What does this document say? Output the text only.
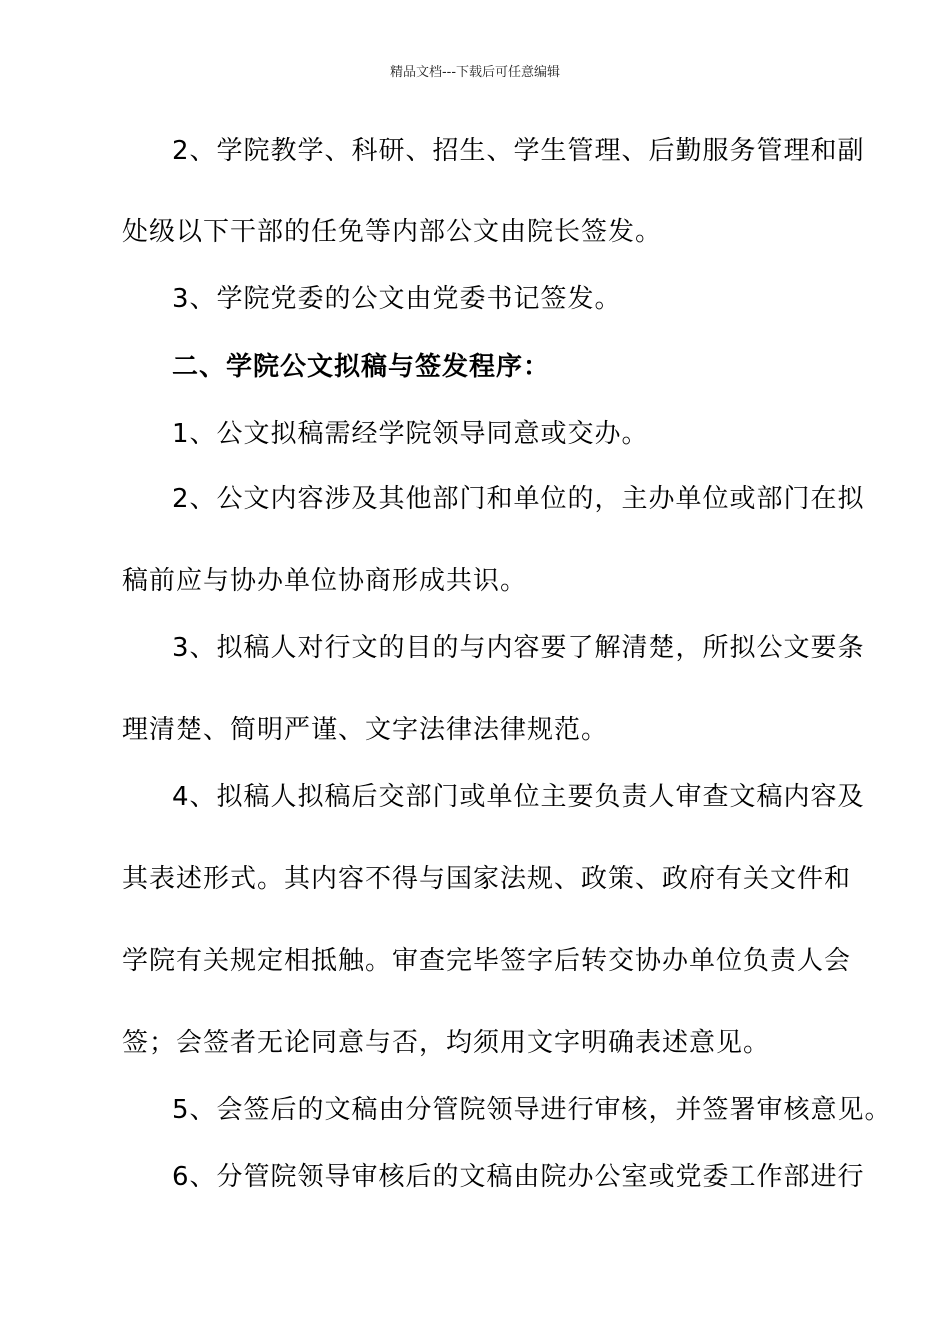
精品文档---下载后可任意编辑
2、学院教学、科研、招生、学生管理、后勤服务管理和副
处级以下干部的任免等内部公文由院长签发。
3、学院党委的公文由党委书记签发。
二、学院公文拟稿与签发程序：
1、公文拟稿需经学院领导同意或交办。
2、公文内容涉及其他部门和单位的，主办单位或部门在拟
稿前应与协办单位协商形成共识。
3、拟稿人对行文的目的与内容要了解清楚，所拟公文要条
理清楚、简明严谨、文字法律法律规范。
4、拟稿人拟稿后交部门或单位主要负责人审查文稿内容及
其表述形式。其内容不得与国家法规、政策、政府有关文件和
学院有关规定相抵触。审查完毕签字后转交协办单位负责人会
签；会签者无论同意与否，均须用文字明确表述意见。
5、会签后的文稿由分管院领导进行审核，并签署审核意见。
6、分管院领导审核后的文稿由院办公室或党委工作部进行
